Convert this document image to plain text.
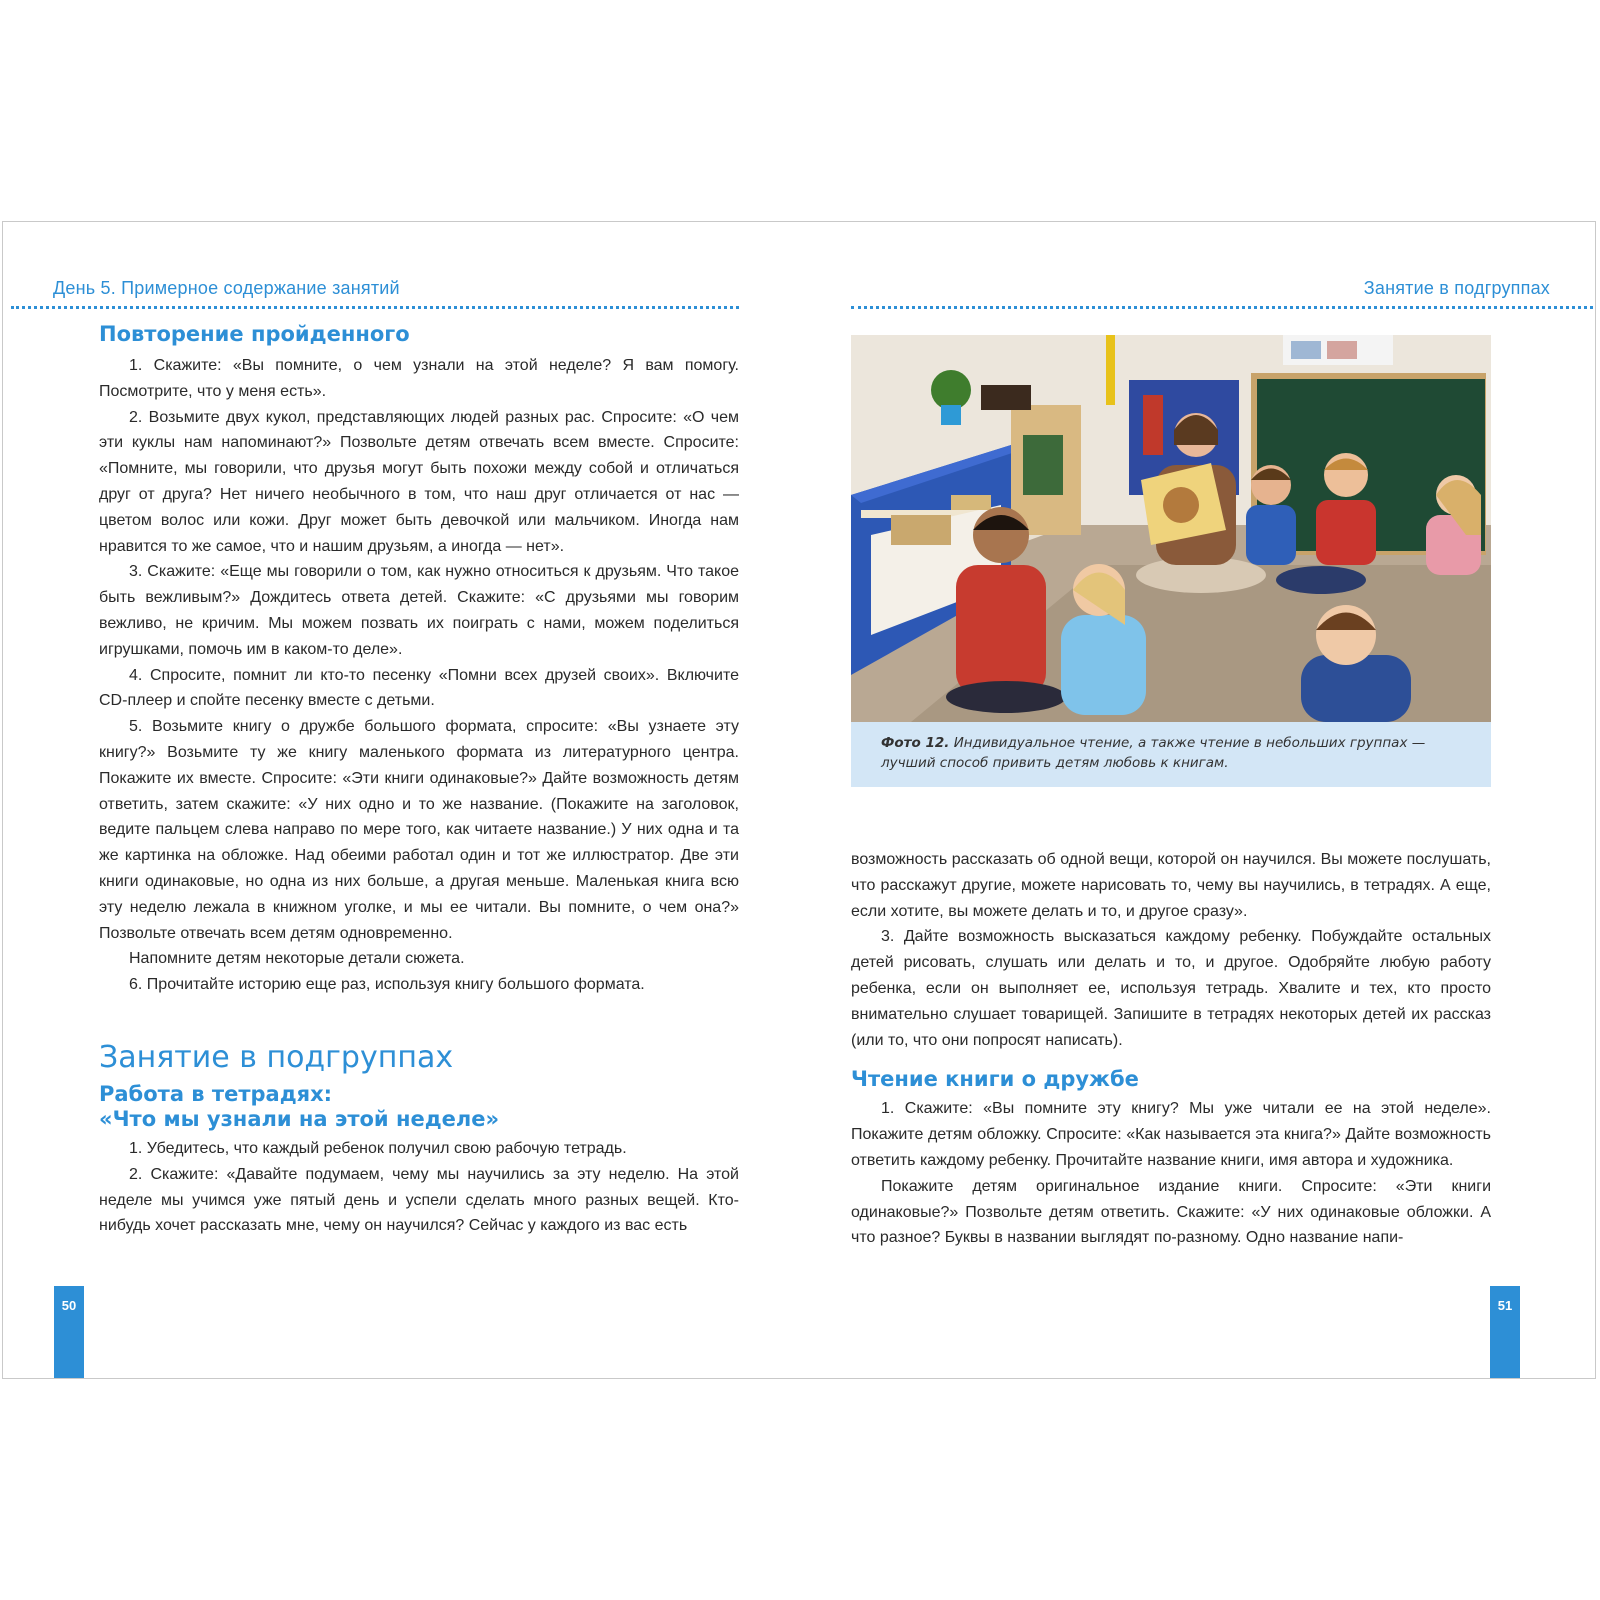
День 5. Примерное содержание занятий
Повторение пройденного

1. Скажите: «Вы помните, о чем узнали на этой неделе? Я вам помогу. Посмотрите, что у меня есть».

2. Возьмите двух кукол, представляющих людей разных рас. Спросите: «О чем эти куклы нам напоминают?» Позвольте детям отвечать всем вместе. Спросите: «Помните, мы говорили, что друзья могут быть похожи между собой и отличаться друг от друга? Нет ничего необычного в том, что наш друг отличается от нас — цветом волос или кожи. Друг может быть девочкой или мальчиком. Иногда нам нравится то же самое, что и нашим друзьям, а иногда — нет».

3. Скажите: «Еще мы говорили о том, как нужно относиться к друзьям. Что такое быть вежливым?» Дождитесь ответа детей. Скажите: «С друзьями мы говорим вежливо, не кричим. Мы можем позвать их поиграть с нами, можем поделиться игрушками, помочь им в каком-то деле».

4. Спросите, помнит ли кто-то песенку «Помни всех друзей своих». Включите CD-плеер и спойте песенку вместе с детьми.

5. Возьмите книгу о дружбе большого формата, спросите: «Вы узнаете эту книгу?» Возьмите ту же книгу маленького формата из литературного центра. Покажите их вместе. Спросите: «Эти книги одинаковые?» Дайте возможность детям ответить, затем скажите: «У них одно и то же название. (Покажите на заголовок, ведите пальцем слева направо по мере того, как читаете название.) У них одна и та же картинка на обложке. Над обеими работал один и тот же иллюстратор. Две эти книги одинаковые, но одна из них больше, а другая меньше. Маленькая книга всю эту неделю лежала в книжном уголке, и мы ее читали. Вы помните, о чем она?» Позвольте отвечать всем детям одновременно.

Напомните детям некоторые детали сюжета.

6. Прочитайте историю еще раз, используя книгу большого формата.

Занятие в подгруппах
Работа в тетрадях:
«Что мы узнали на этой неделе»

1. Убедитесь, что каждый ребенок получил свою рабочую тетрадь.

2. Скажите: «Давайте подумаем, чему мы научились за эту неделю. На этой неделе мы учимся уже пятый день и успели сделать много разных вещей. Кто-нибудь хочет рассказать мне, чему он научился? Сейчас у каждого из вас есть

50
Занятие в подгруппах
Фото 12. Индивидуальное чтение, а также чтение в небольших группах — лучший способ привить детям любовь к книгам.

возможность рассказать об одной вещи, которой он научился. Вы можете послушать, что расскажут другие, можете нарисовать то, чему вы научились, в тетрадях. А еще, если хотите, вы можете делать и то, и другое сразу».

3. Дайте возможность высказаться каждому ребенку. Побуждайте остальных детей рисовать, слушать или делать и то, и другое. Одобряйте любую работу ребенка, если он выполняет ее, используя тетрадь. Хвалите и тех, кто просто внимательно слушает товарищей. Запишите в тетрадях некоторых детей их рассказ (или то, что они попросят написать).

Чтение книги о дружбе

1. Скажите: «Вы помните эту книгу? Мы уже читали ее на этой неделе». Покажите детям обложку. Спросите: «Как называется эта книга?» Дайте возможность ответить каждому ребенку. Прочитайте название книги, имя автора и художника.

Покажите детям оригинальное издание книги. Спросите: «Эти книги одинаковые?» Позвольте детям ответить. Скажите: «У них одинаковые обложки. А что разное? Буквы в названии выглядят по-разному. Одно название напи-

51
